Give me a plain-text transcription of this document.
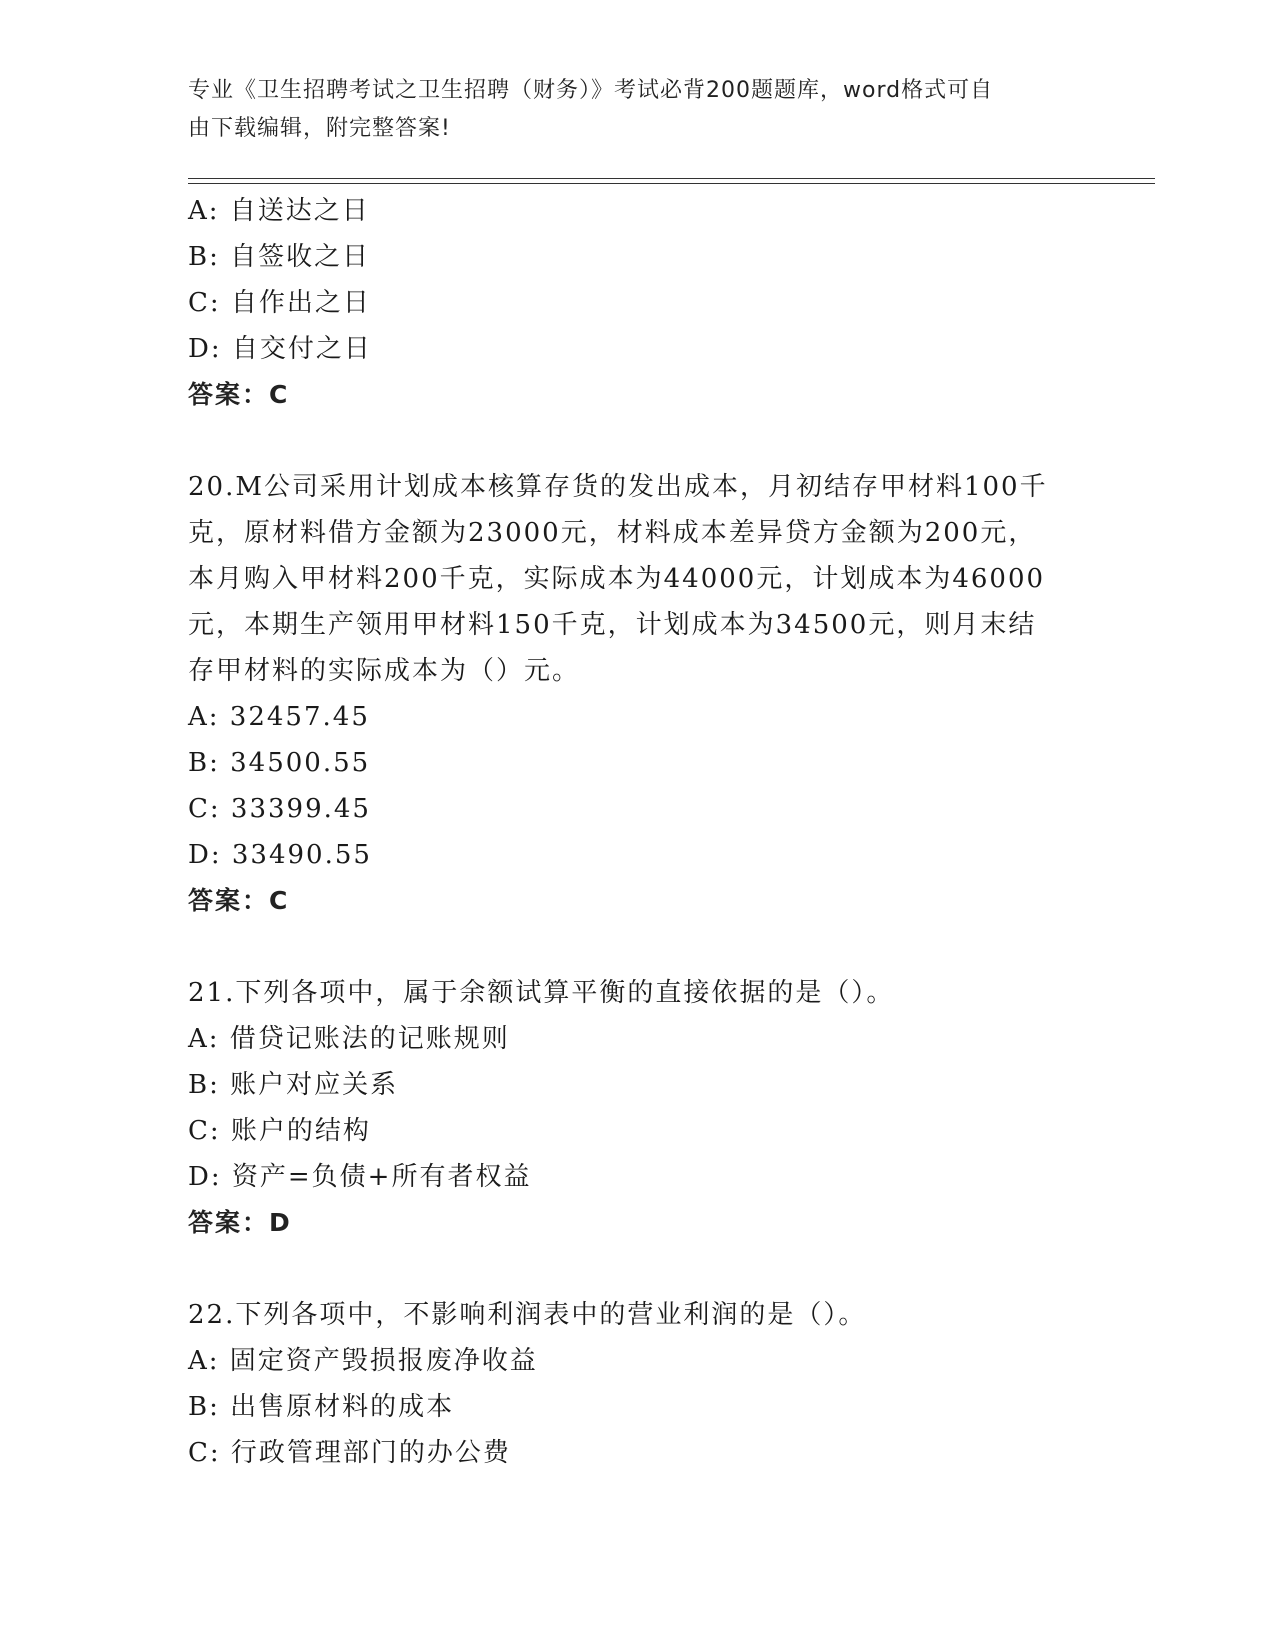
专业《卫生招聘考试之卫生招聘（财务）》考试必背200题题库，word格式可自
由下载编辑，附完整答案!
A: 自送达之日
B: 自签收之日
C: 自作出之日
D: 自交付之日
答案：C
20.M公司采用计划成本核算存货的发出成本，月初结存甲材料100千
克，原材料借方金额为23000元，材料成本差异贷方金额为200元，
本月购入甲材料200千克，实际成本为44000元，计划成本为46000
元，本期生产领用甲材料150千克，计划成本为34500元，则月末结
存甲材料的实际成本为（）元。
A: 32457.45
B: 34500.55
C: 33399.45
D: 33490.55
答案：C
21.下列各项中，属于余额试算平衡的直接依据的是（）。
A: 借贷记账法的记账规则
B: 账户对应关系
C: 账户的结构
D: 资产=负债+所有者权益
答案：D
22.下列各项中，不影响利润表中的营业利润的是（）。
A: 固定资产毁损报废净收益
B: 出售原材料的成本
C: 行政管理部门的办公费
